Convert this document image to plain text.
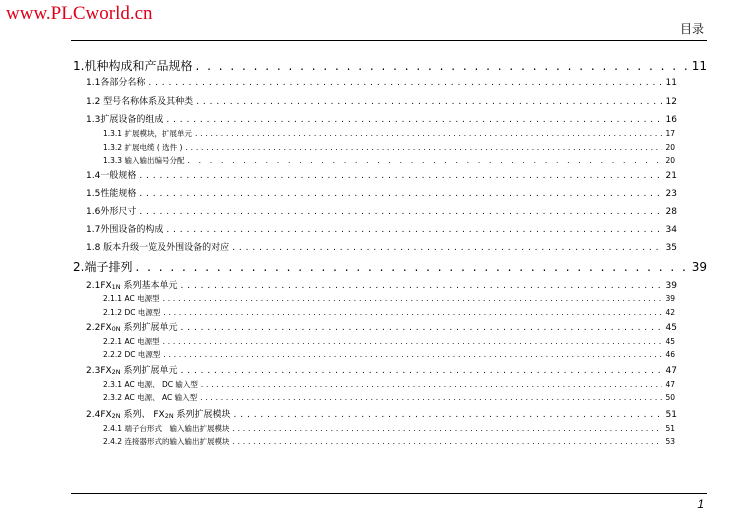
www.PLCworld.cn
目录
1.机种构成和产品规格 . . .	11
1.1各部分名称 . . .	11
1.2 型号名称体系及其种类 . . .	12
1.3扩展设备的组成 . . .	16
1.3.1 扩展模块，扩展单元 . . .	17
1.3.2 扩展电缆 ( 选件 ) . . .	20
1.3.3 输入输出编号分配 . . .	20
1.4一般规格 . . .	21
1.5性能规格 . . .	23
1.6外形尺寸 . . .	28
1.7外围设备的构成 . . .	34
1.8 版本升级一览及外围设备的对应 . . .	35
2.端子排列 . . .	39
$2.1FX_{1N}$ 系列基本单元 . . .	39
2.1.1 AC 电源型 . . .	39
2.1.2 DC 电源型 . . .	42
$2.2FX_{0N}$ 系列扩展单元 . . .	45
2.2.1 AC 电源型 . . .	45
2.2.2 DC 电源型 . . .	46
$2.3FX_{2N}$ 系列扩展单元 . . .	47
2.3.1 AC 电源、 DC 输入型 . . .	47
2.3.2 AC 电源、 AC 输入型 . . .	50
$2.4FX_{2N}$ 系列、 $FX_{2N}$ 系列扩展模块 . . .	51
2.4.1 端子台形式　输入输出扩展模块 . . .	51
2.4.2 连接器形式的输入输出扩展模块 . . .	53
1
